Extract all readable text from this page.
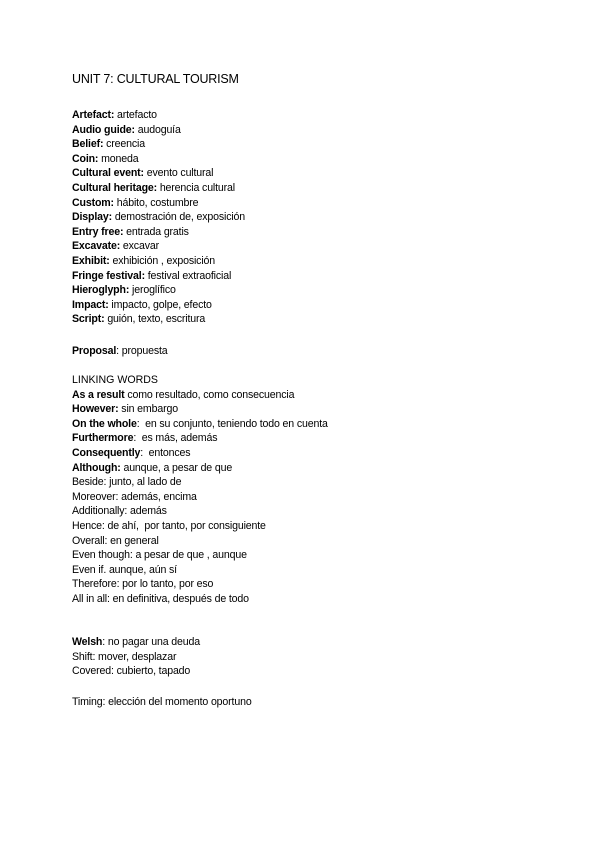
UNIT 7: CULTURAL TOURISM
Artefact: artefacto
Audio guide: audoguía
Belief: creencia
Coin: moneda
Cultural event: evento cultural
Cultural heritage: herencia cultural
Custom: hábito, costumbre
Display: demostración de, exposición
Entry free: entrada gratis
Excavate: excavar
Exhibit: exhibición , exposición
Fringe festival: festival extraoficial
Hieroglyph: jeroglífico
Impact: impacto, golpe, efecto
Script: guión, texto, escritura
Proposal: propuesta
LINKING WORDS
As a result como resultado, como consecuencia
However: sin embargo
On the whole:  en su conjunto, teniendo todo en cuenta
Furthermore:  es más, además
Consequently:  entonces
Although: aunque, a pesar de que
Beside: junto, al lado de
Moreover: además, encima
Additionally: además
Hence: de ahí,  por tanto, por consiguiente
Overall: en general
Even though: a pesar de que , aunque
Even if. aunque, aún sí
Therefore: por lo tanto, por eso
All in all: en definitiva, después de todo
Welsh: no pagar una deuda
Shift: mover, desplazar
Covered: cubierto, tapado
Timing: elección del momento oportuno
